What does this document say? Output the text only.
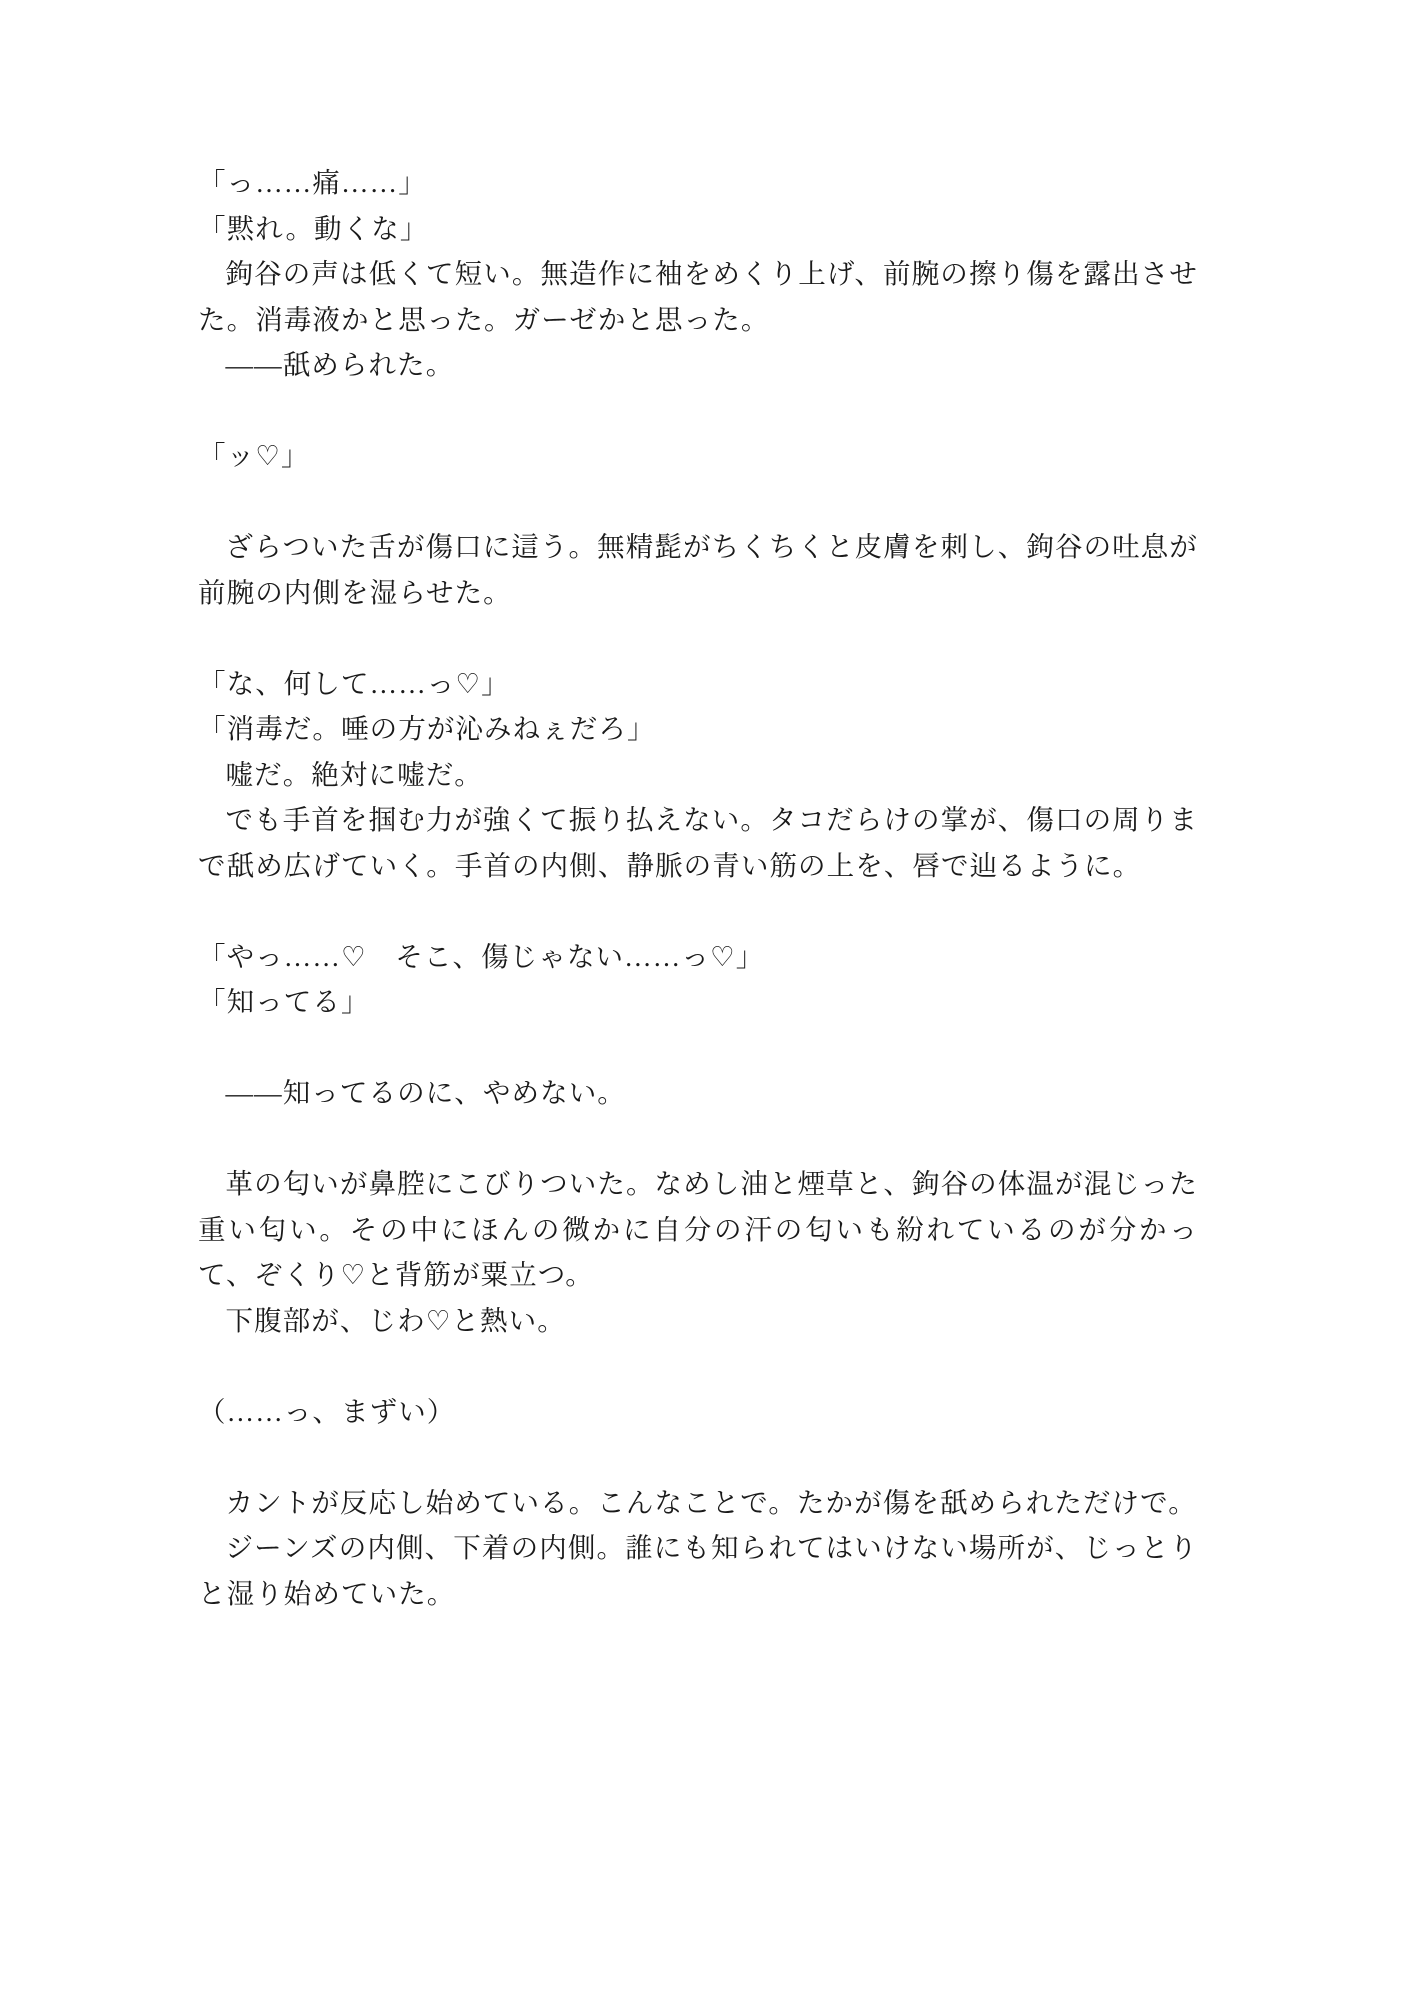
「っ……痛……」
「黙れ。動くな」
鉤谷の声は低くて短い。無造作に袖をめくり上げ、前腕の擦り傷を露出させた。消毒液かと思った。ガーゼかと思った。
——舐められた。
「ッ♡」
ざらついた舌が傷口に這う。無精髭がちくちくと皮膚を刺し、鉤谷の吐息が前腕の内側を湿らせた。
「な、何して……っ♡」
「消毒だ。唾の方が沁みねぇだろ」
嘘だ。絶対に嘘だ。
でも手首を掴む力が強くて振り払えない。タコだらけの掌が、傷口の周りまで舐め広げていく。手首の内側、静脈の青い筋の上を、唇で辿るように。
「やっ……♡　そこ、傷じゃない……っ♡」
「知ってる」
——知ってるのに、やめない。
革の匂いが鼻腔にこびりついた。なめし油と煙草と、鉤谷の体温が混じった重い匂い。その中にほんの微かに自分の汗の匂いも紛れているのが分かって、ぞくり♡と背筋が粟立つ。
下腹部が、じわ♡と熱い。
（……っ、まずい）
カントが反応し始めている。こんなことで。たかが傷を舐められただけで。
ジーンズの内側、下着の内側。誰にも知られてはいけない場所が、じっとりと湿り始めていた。
